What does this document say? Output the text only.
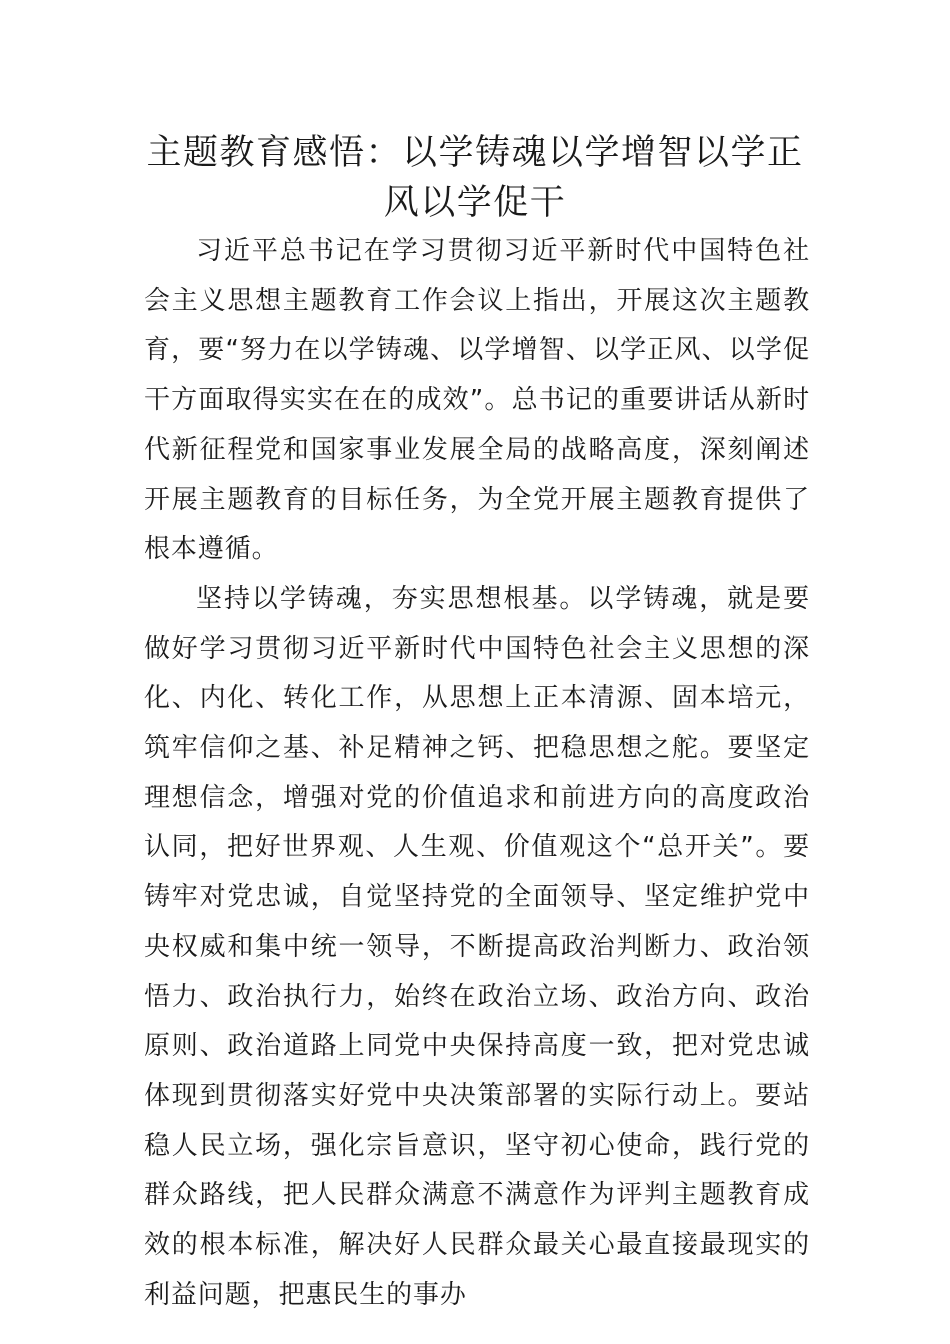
主题教育感悟：以学铸魂以学增智以学正风以学促干

习近平总书记在学习贯彻习近平新时代中国特色社会主义思想主题教育工作会议上指出，开展这次主题教育，要“努力在以学铸魂、以学增智、以学正风、以学促干方面取得实实在在的成效”。总书记的重要讲话从新时代新征程党和国家事业发展全局的战略高度，深刻阐述开展主题教育的目标任务，为全党开展主题教育提供了根本遵循。

坚持以学铸魂，夯实思想根基。以学铸魂，就是要做好学习贯彻习近平新时代中国特色社会主义思想的深化、内化、转化工作，从思想上正本清源、固本培元，筑牢信仰之基、补足精神之钙、把稳思想之舵。要坚定理想信念，增强对党的价值追求和前进方向的高度政治认同，把好世界观、人生观、价值观这个“总开关”。要铸牢对党忠诚，自觉坚持党的全面领导、坚定维护党中央权威和集中统一领导，不断提高政治判断力、政治领悟力、政治执行力，始终在政治立场、政治方向、政治原则、政治道路上同党中央保持高度一致，把对党忠诚体现到贯彻落实好党中央决策部署的实际行动上。要站稳人民立场，强化宗旨意识，坚守初心使命，践行党的群众路线，把人民群众满意不满意作为评判主题教育成效的根本标准，解决好人民群众最关心最直接最现实的利益问题，把惠民生的事办
